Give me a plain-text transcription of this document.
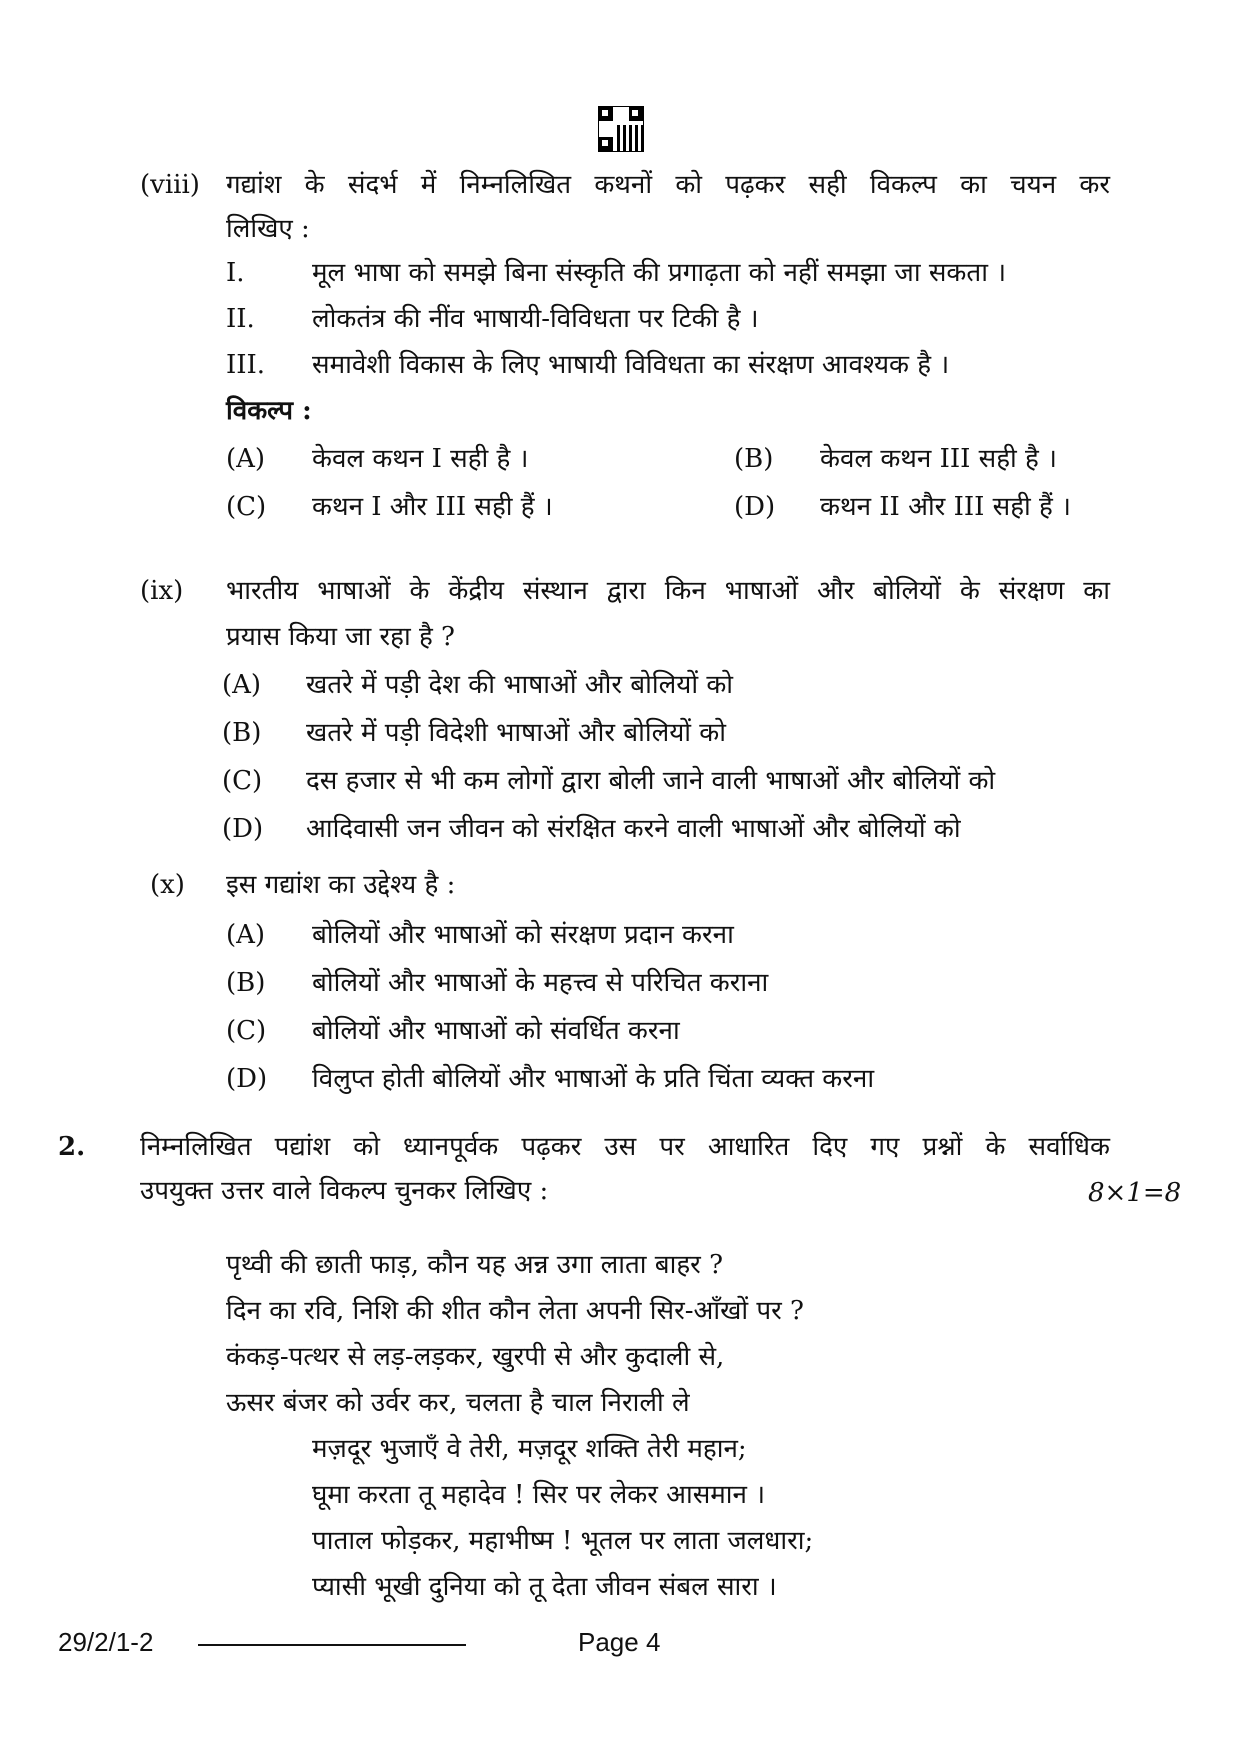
(viii) गद्यांश के संदर्भ में निम्नलिखित कथनों को पढ़कर सही विकल्प का चयन कर
लिखिए :
I.	मूल भाषा को समझे बिना संस्कृति की प्रगाढ़ता को नहीं समझा जा सकता ।
II. लोकतंत्र की नींव भाषायी-विविधता पर टिकी है ।
III. समावेशी विकास के लिए भाषायी विविधता का संरक्षण आवश्यक है ।
विकल्प :
(A) केवल कथन I सही है ।	(B) केवल कथन III सही है ।
(C) कथन I और III सही हैं ।	(D) कथन II और III सही हैं ।
(ix) भारतीय भाषाओं के केंद्रीय संस्थान द्वारा किन भाषाओं और बोलियों के संरक्षण का
प्रयास किया जा रहा है ?
(A) खतरे में पड़ी देश की भाषाओं और बोलियों को
(B) खतरे में पड़ी विदेशी भाषाओं और बोलियों को
(C) दस हजार से भी कम लोगों द्वारा बोली जाने वाली भाषाओं और बोलियों को
(D) आदिवासी जन जीवन को संरक्षित करने वाली भाषाओं और बोलियों को
(x) इस गद्यांश का उद्देश्य है :
(A) बोलियों और भाषाओं को संरक्षण प्रदान करना
(B) बोलियों और भाषाओं के महत्त्व से परिचित कराना
(C) बोलियों और भाषाओं को संवर्धित करना
(D) विलुप्त होती बोलियों और भाषाओं के प्रति चिंता व्यक्त करना
2. निम्नलिखित पद्यांश को ध्यानपूर्वक पढ़कर उस पर आधारित दिए गए प्रश्नों के सर्वाधिक
उपयुक्त उत्तर वाले विकल्प चुनकर लिखिए :	8×1=8
पृथ्वी की छाती फाड़, कौन यह अन्न उगा लाता बाहर ?
दिन का रवि, निशि की शीत कौन लेता अपनी सिर-आँखों पर ?
कंकड़-पत्थर से लड़-लड़कर, खुरपी से और कुदाली से,
ऊसर बंजर को उर्वर कर, चलता है चाल निराली ले
मज़दूर भुजाएँ वे तेरी, मज़दूर शक्ति तेरी महान;
घूमा करता तू महादेव ! सिर पर लेकर आसमान ।
पाताल फोड़कर, महाभीष्म ! भूतल पर लाता जलधारा;
प्यासी भूखी दुनिया को तू देता जीवन संबल सारा ।
29/2/1-2	Page 4
